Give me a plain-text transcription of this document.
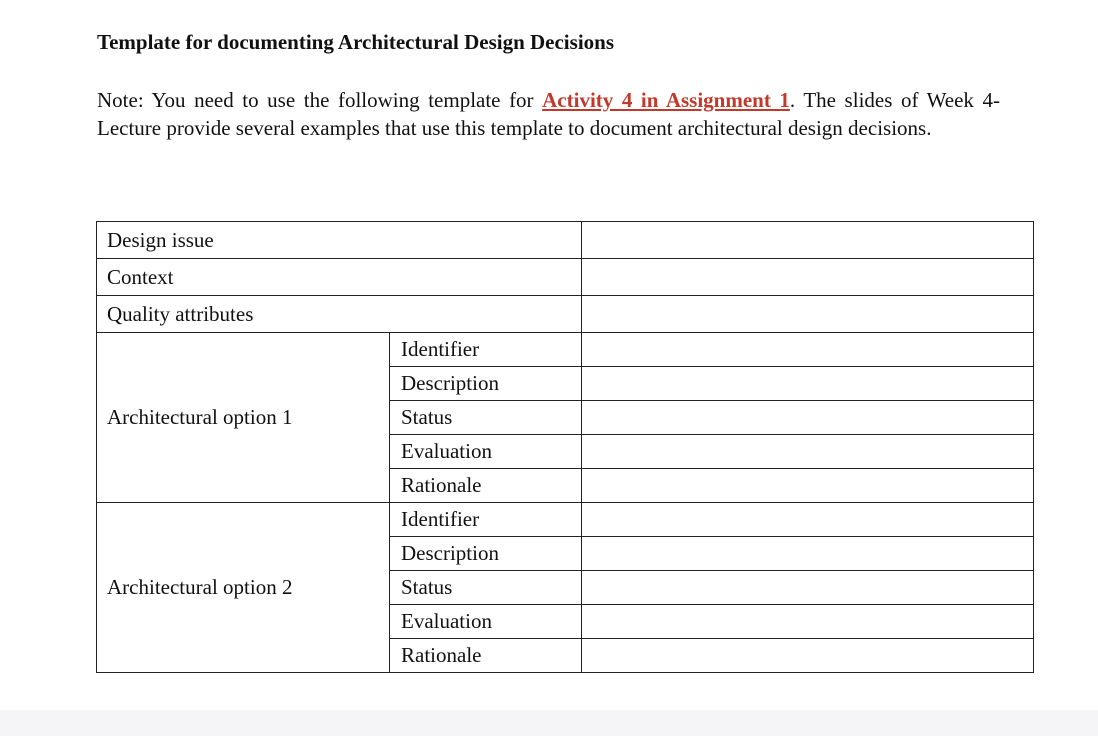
Template for documenting Architectural Design Decisions
Note: You need to use the following template for Activity 4 in Assignment 1. The slides of Week 4-Lecture provide several examples that use this template to document architectural design decisions.
Design issue		
Context		
Quality attributes		
Architectural option 1	Identifier	
	Description	
	Status	
	Evaluation	
	Rationale	
Architectural option 2	Identifier	
	Description	
	Status	
	Evaluation	
	Rationale	
